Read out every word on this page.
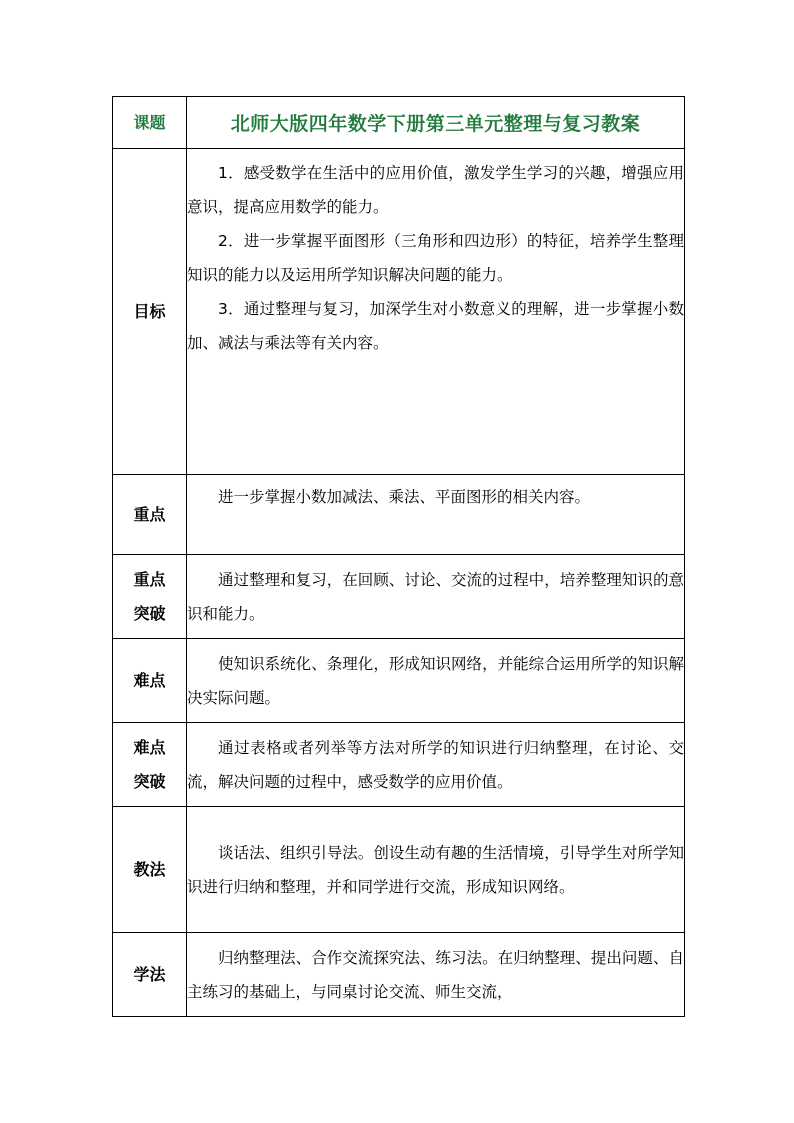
课题	北师大版四年数学下册第三单元整理与复习教案
目标	1．感受数学在生活中的应用价值，激发学生学习的兴趣，增强应用意识，提高应用数学的能力。

2．进一步掌握平面图形（三角形和四边形）的特征，培养学生整理知识的能力以及运用所学知识解决问题的能力。

3．通过整理与复习，加深学生对小数意义的理解，进一步掌握小数加、减法与乘法等有关内容。

重点	进一步掌握小数加减法、乘法、平面图形的相关内容。

重点
突破	通过整理和复习，在回顾、讨论、交流的过程中，培养整理知识的意识和能力。

难点	使知识系统化、条理化，形成知识网络，并能综合运用所学的知识解决实际问题。

难点
突破	通过表格或者列举等方法对所学的知识进行归纳整理，在讨论、交流，解决问题的过程中，感受数学的应用价值。

教法	谈话法、组织引导法。创设生动有趣的生活情境，引导学生对所学知识进行归纳和整理，并和同学进行交流，形成知识网络。

学法	归纳整理法、合作交流探究法、练习法。在归纳整理、提出问题、自主练习的基础上，与同桌讨论交流、师生交流，
